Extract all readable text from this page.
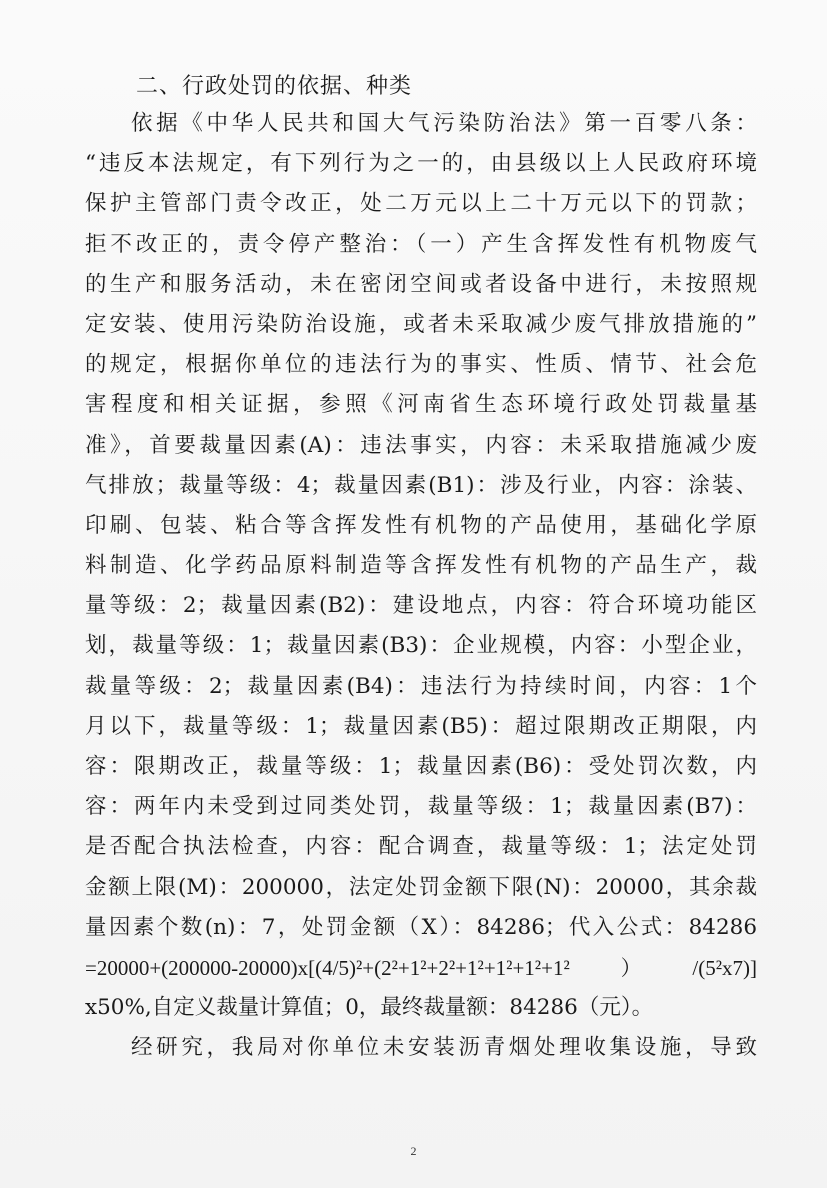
二、行政处罚的依据、种类
依据《中华人民共和国大气污染防治法》第一百零八条：
“违反本法规定，有下列行为之一的，由县级以上人民政府环境
保护主管部门责令改正，处二万元以上二十万元以下的罚款；
拒不改正的，责令停产整治：（一）产生含挥发性有机物废气
的生产和服务活动，未在密闭空间或者设备中进行，未按照规
定安装、使用污染防治设施，或者未采取减少废气排放措施的”
的规定，根据你单位的违法行为的事实、性质、情节、社会危
害程度和相关证据，参照《河南省生态环境行政处罚裁量基
准》，首要裁量因素(A)：违法事实，内容：未采取措施减少废
气排放；裁量等级：4；裁量因素(B1)：涉及行业，内容：涂装、
印刷、包装、粘合等含挥发性有机物的产品使用，基础化学原
料制造、化学药品原料制造等含挥发性有机物的产品生产，裁
量等级：2；裁量因素(B2)：建设地点，内容：符合环境功能区
划，裁量等级：1；裁量因素(B3)：企业规模，内容：小型企业，
裁量等级：2；裁量因素(B4)：违法行为持续时间，内容：1个
月以下，裁量等级：1；裁量因素(B5)：超过限期改正期限，内
容：限期改正，裁量等级：1；裁量因素(B6)：受处罚次数，内
容：两年内未受到过同类处罚，裁量等级：1；裁量因素(B7)：
是否配合执法检查，内容：配合调查，裁量等级：1；法定处罚
金额上限(M)：200000，法定处罚金额下限(N)：20000，其余裁
量因素个数(n)：7，处罚金额（X）：84286；代入公式：84286
=20000+(200000-20000)x[(4/5)²+(2²+1²+2²+1²+1²+1²+1²）/(5²x7)]
x50%,自定义裁量计算值；0，最终裁量额：84286（元）。
经研究，我局对你单位未安装沥青烟处理收集设施，导致
2
